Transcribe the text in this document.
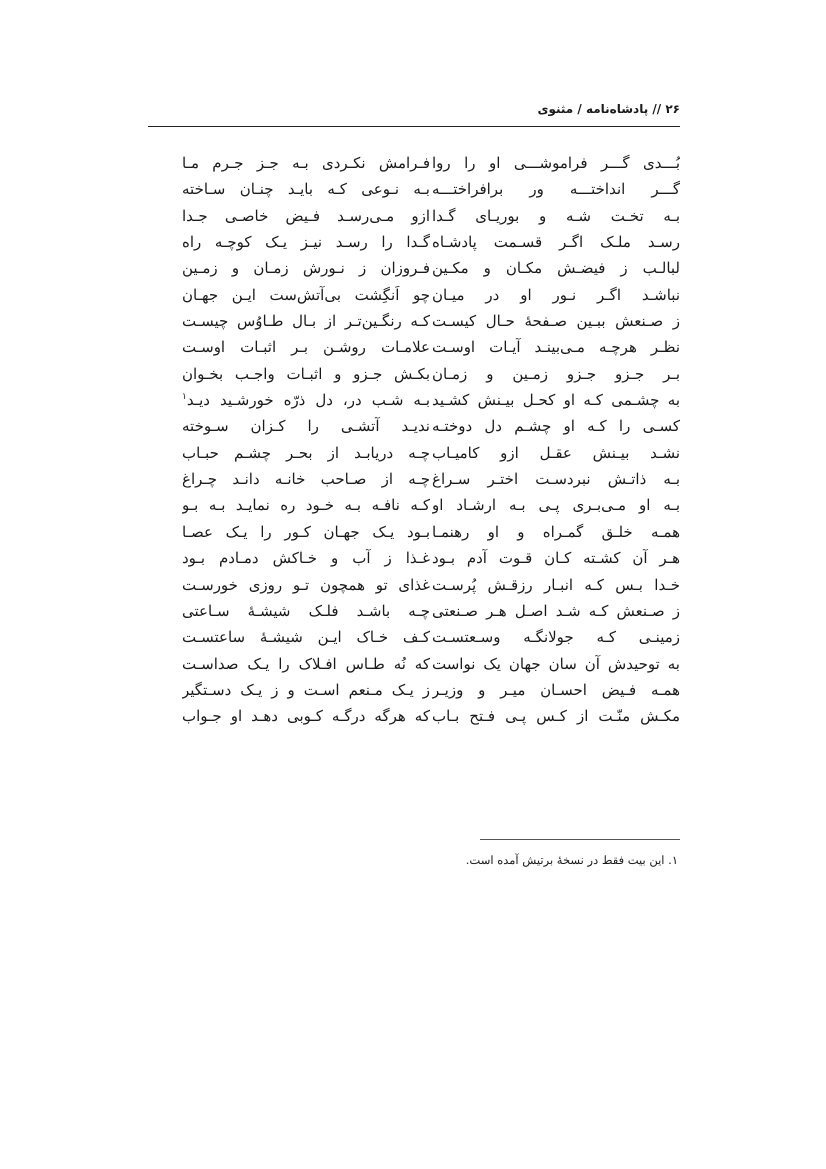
۲۶ // پادشاه‌نامه / مثنوی
بُـــدی گـــر فراموشـــی او را روا
گـــر انداختـــه ور برافراختـــه
بـه تخـت شـه و بوریـای گـدا
رسـد ملـک اگـر قسـمت پادشـاه
لبالـب ز فیضـش مکـان و مکـین
نباشـد اگـر نـور او در میـان
ز صـنعش ببـین صـفحهٔ حـال کیسـت
نظـر هرچـه مـی‌بینـد آیـات اوسـت
بـر جـزو جـزو زمـین و زمـان
به چشـمی کـه او کحـل بیـنش کشـید
کسـی را کـه او چشـم دل دوختـه
نشـد بیـنش عقـل ازو کامیـاب
بـه ذاتـش نبردسـت اختـر سـراغ
بـه او مـی‌بـری پـی بـه ارشـاد او
همـه خلـق گمـراه و او رهنمـا
هـر آن کشـته کـان قـوت آدم بـود
خـدا بـس کـه انبـار رزقـش پُرسـت
ز صـنعش کـه شـد اصـل هـر صـنعتی
زمینـی کـه جولانگـه وسـعتسـت
به توحیدش آن سان جهان یک نواست
همـه فـیض احسـان میـر و وزیـر
مکـش منّـت از کـس پـی فـتح بـاب
فـرامش نکـردی بـه جـز جـرم مـا
بـه نـوعی کـه بایـد چنـان سـاخته
ازو مـی‌رسـد فـیض خاصـی جـدا
گـدا را رسـد نیـز یـک کوچـه راه
فـروزان ز نـورش زمـان و زمـین
چو اَنگِشت بی‌آتش‌ست ایـن جهـان
کـه رنگـین‌تـر از بـال طـاوُس چیسـت
علامـات روشـن بـر اثبـات اوسـت
بکـش جـزو و اثبـات واجـب بخـوان
بـه شـب در، دل ذرّه خورشـید دیـد$^۱$
ندیـد آتشـی را کـزان سـوخته
چـه دریابـد از بحـر چشـم حبـاب
چـه از صـاحب خانـه دانـد چـراغ
کـه نافـه بـه خـود ره نمایـد بـه بـو
بـود یـک جهـان کـور را یـک عصـا
غـذا ز آب و خـاکش دمـادم بـود
غذای تو همچون تـو روزی خورسـت
چـه باشـد فلـک شیشـهٔ سـاعتی
کـف خـاک ایـن شیشـهٔ ساعتسـت
که نُه طـاس افـلاک را یـک صداسـت
ز یـک مـنعم اسـت و ز یـک دسـتگیر
که هرگه درگـه کـوبی دهـد او جـواب
۱. این بیت فقط در نسخهٔ برتیش آمده است.
